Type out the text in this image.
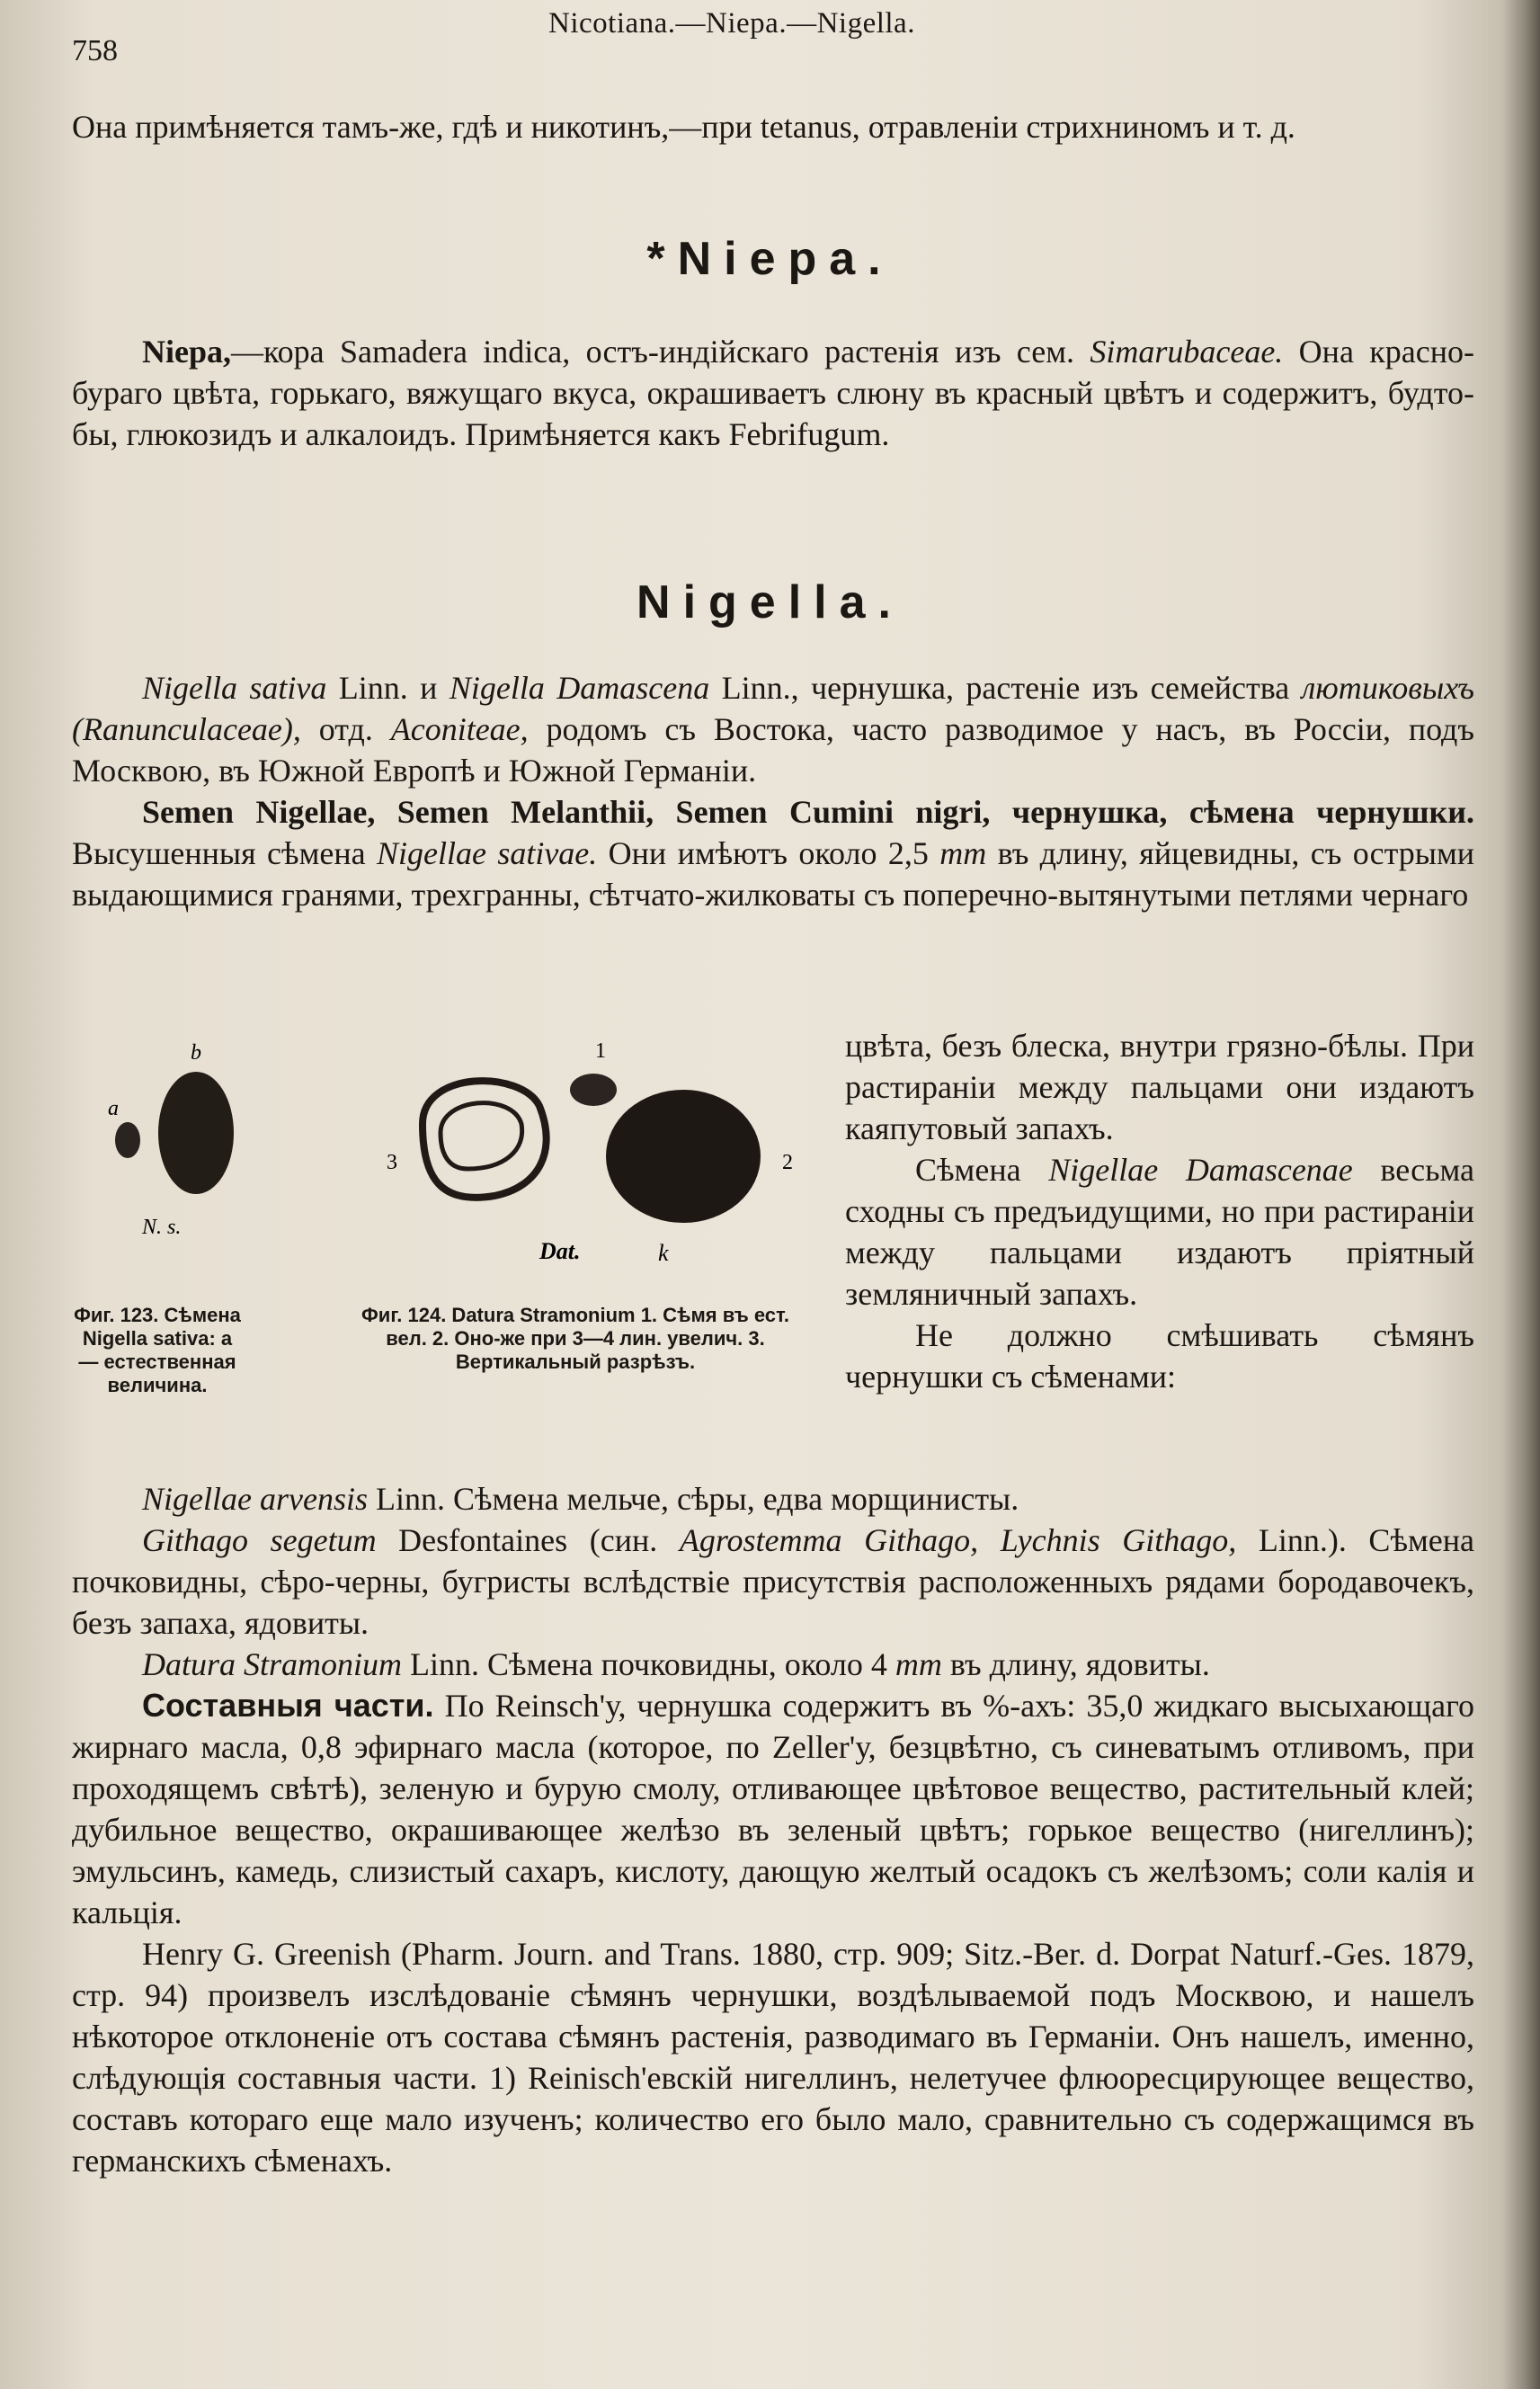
758
Nicotiana.—Niepa.—Nigella.

Она примѣняется тамъ-же, гдѣ и никотинъ,—при tetanus, отравленіи стрихниномъ и т. д.

*Niepa.

Niepa,—кора Samadera indica, остъ-индійскаго растенія изъ сем. Simarubaceae. Она красно-бураго цвѣта, горькаго, вяжущаго вкуса, окрашиваетъ слюну въ красный цвѣтъ и содержитъ, будто-бы, глюкозидъ и алкалоидъ. Примѣняется какъ Febrifugum.

Nigella.

Nigella sativa Linn. и Nigella Damascena Linn., чернушка, растеніе изъ семейства лютиковыхъ (Ranunculaceae), отд. Aconiteae, родомъ съ Востока, часто разводимое у насъ, въ Россіи, подъ Москвою, въ Южной Европѣ и Южной Германіи.

Semen Nigellae, Semen Melanthii, Semen Cumini nigri, чернушка, сѣмена чернушки. Высушенныя сѣмена Nigellae sativae. Они имѣютъ около 2,5 mm въ длину, яйцевидны, съ острыми выдающимися гранями, трехгранны, сѣтчато-жилковаты съ поперечно-вытянутыми петлями чернаго

a
b
N. s.
1
2
3
Dat.	k
Фиг. 123. Сѣмена Nigella sativa: a — естественная величина.
Фиг. 124. Datura Stramonium 1. Сѣмя въ ест. вел. 2. Оно-же при 3—4 лин. увелич. 3. Вертикальный разрѣзъ.

цвѣта, безъ блеска, внутри грязно-бѣлы. При растираніи между пальцами они издаютъ каяпутовый запахъ.

Сѣмена Nigellae Damascenae весьма сходны съ предъидущими, но при растираніи между пальцами издаютъ пріятный земляничный запахъ.

Не должно смѣшивать сѣмянъ чернушки съ сѣменами:

Nigellae arvensis Linn. Сѣмена мельче, сѣры, едва морщинисты.

Githago segetum Desfontaines (син. Agrostemma Githago, Lychnis Githago, Linn.). Сѣмена почковидны, сѣро-черны, бугристы вслѣдствіе присутствія расположенныхъ рядами бородавочекъ, безъ запаха, ядовиты.

Datura Stramonium Linn. Сѣмена почковидны, около 4 mm въ длину, ядовиты.

Составныя части. По Reinsch'у, чернушка содержитъ въ %-ахъ: 35,0 жидкаго высыхающаго жирнаго масла, 0,8 эфирнаго масла (которое, по Zeller'у, безцвѣтно, съ синеватымъ отливомъ, при проходящемъ свѣтѣ), зеленую и бурую смолу, отливающее цвѣтовое вещество, растительный клей; дубильное вещество, окрашивающее желѣзо въ зеленый цвѣтъ; горькое вещество (нигеллинъ); эмульсинъ, камедь, слизистый сахаръ, кислоту, дающую желтый осадокъ съ желѣзомъ; соли калія и кальція.

Henry G. Greenish (Pharm. Journ. and Trans. 1880, стр. 909; Sitz.-Ber. d. Dorpat Naturf.-Ges. 1879, стр. 94) произвелъ изслѣдованіе сѣмянъ чернушки, воздѣлываемой подъ Москвою, и нашелъ нѣкоторое отклоненіе отъ состава сѣмянъ растенія, разводимаго въ Германіи. Онъ нашелъ, именно, слѣдующія составныя части. 1) Reinisch'евскій нигеллинъ, нелетучее флюоресцирующее вещество, составъ котораго еще мало изученъ; количество его было мало, сравнительно съ содержащимся въ германскихъ сѣменахъ.
